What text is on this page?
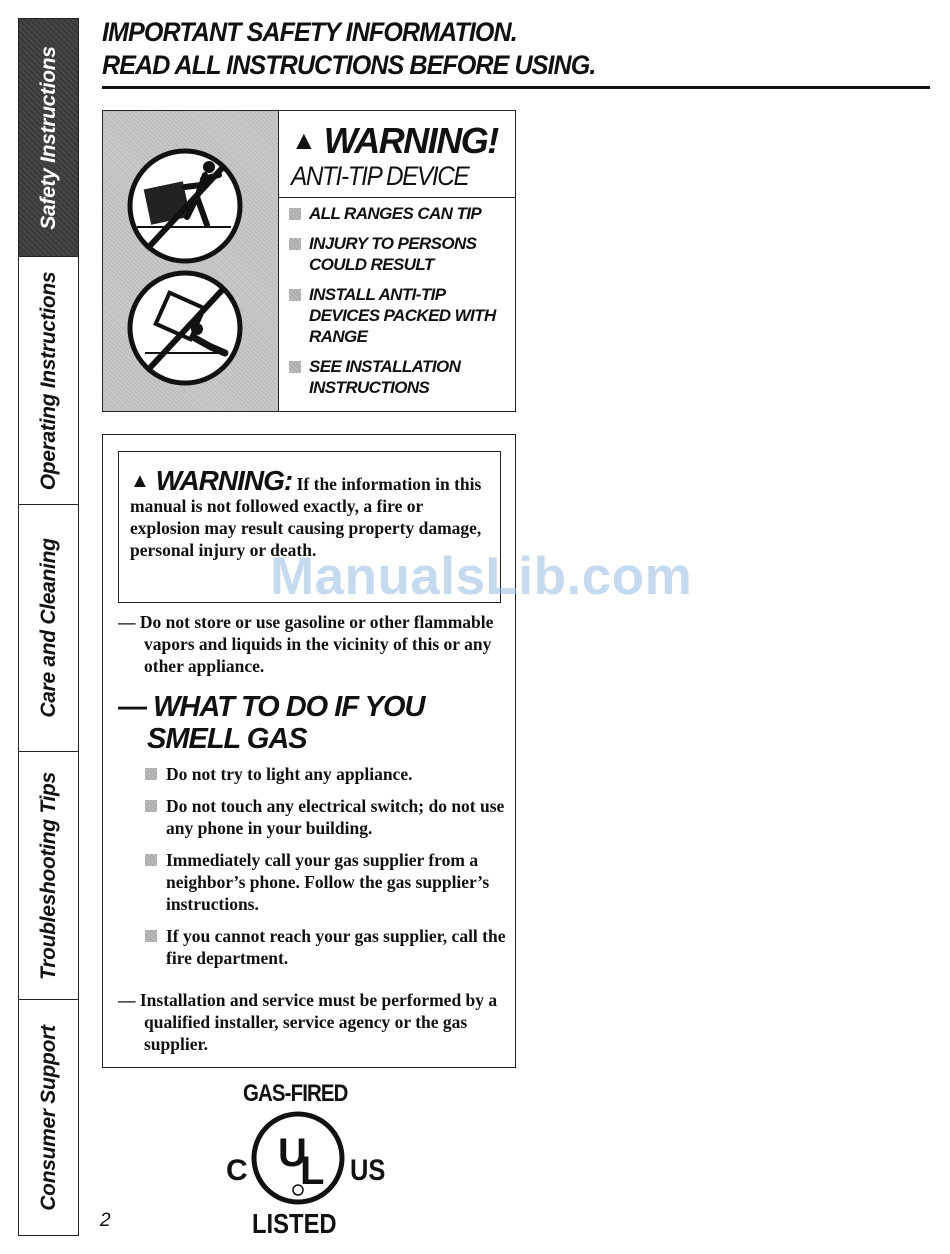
Safety Instructions
Operating Instructions
Care and Cleaning
Troubleshooting Tips
Consumer Support
IMPORTANT SAFETY INFORMATION.
READ ALL INSTRUCTIONS BEFORE USING.
▲ WARNING!
ANTI-TIP DEVICE
ALL RANGES CAN TIP
INJURY TO PERSONS COULD RESULT
INSTALL ANTI-TIP DEVICES PACKED WITH RANGE
SEE INSTALLATION INSTRUCTIONS

▲ WARNING: If the information in this manual is not followed exactly, a fire or explosion may result causing property damage, personal injury or death.

— Do not store or use gasoline or other flammable vapors and liquids in the vicinity of this or any other appliance.

— WHAT TO DO IF YOU
SMELL GAS
Do not try to light any appliance.
Do not touch any electrical switch; do not use any phone in your building.
Immediately call your gas supplier from a neighbor’s phone. Follow the gas supplier’s instructions.
If you cannot reach your gas supplier, call the fire department.

— Installation and service must be performed by a qualified installer, service agency or the gas supplier.

ManualsLib.com
GAS-FIRED
U
L
C	US
LISTED
2
